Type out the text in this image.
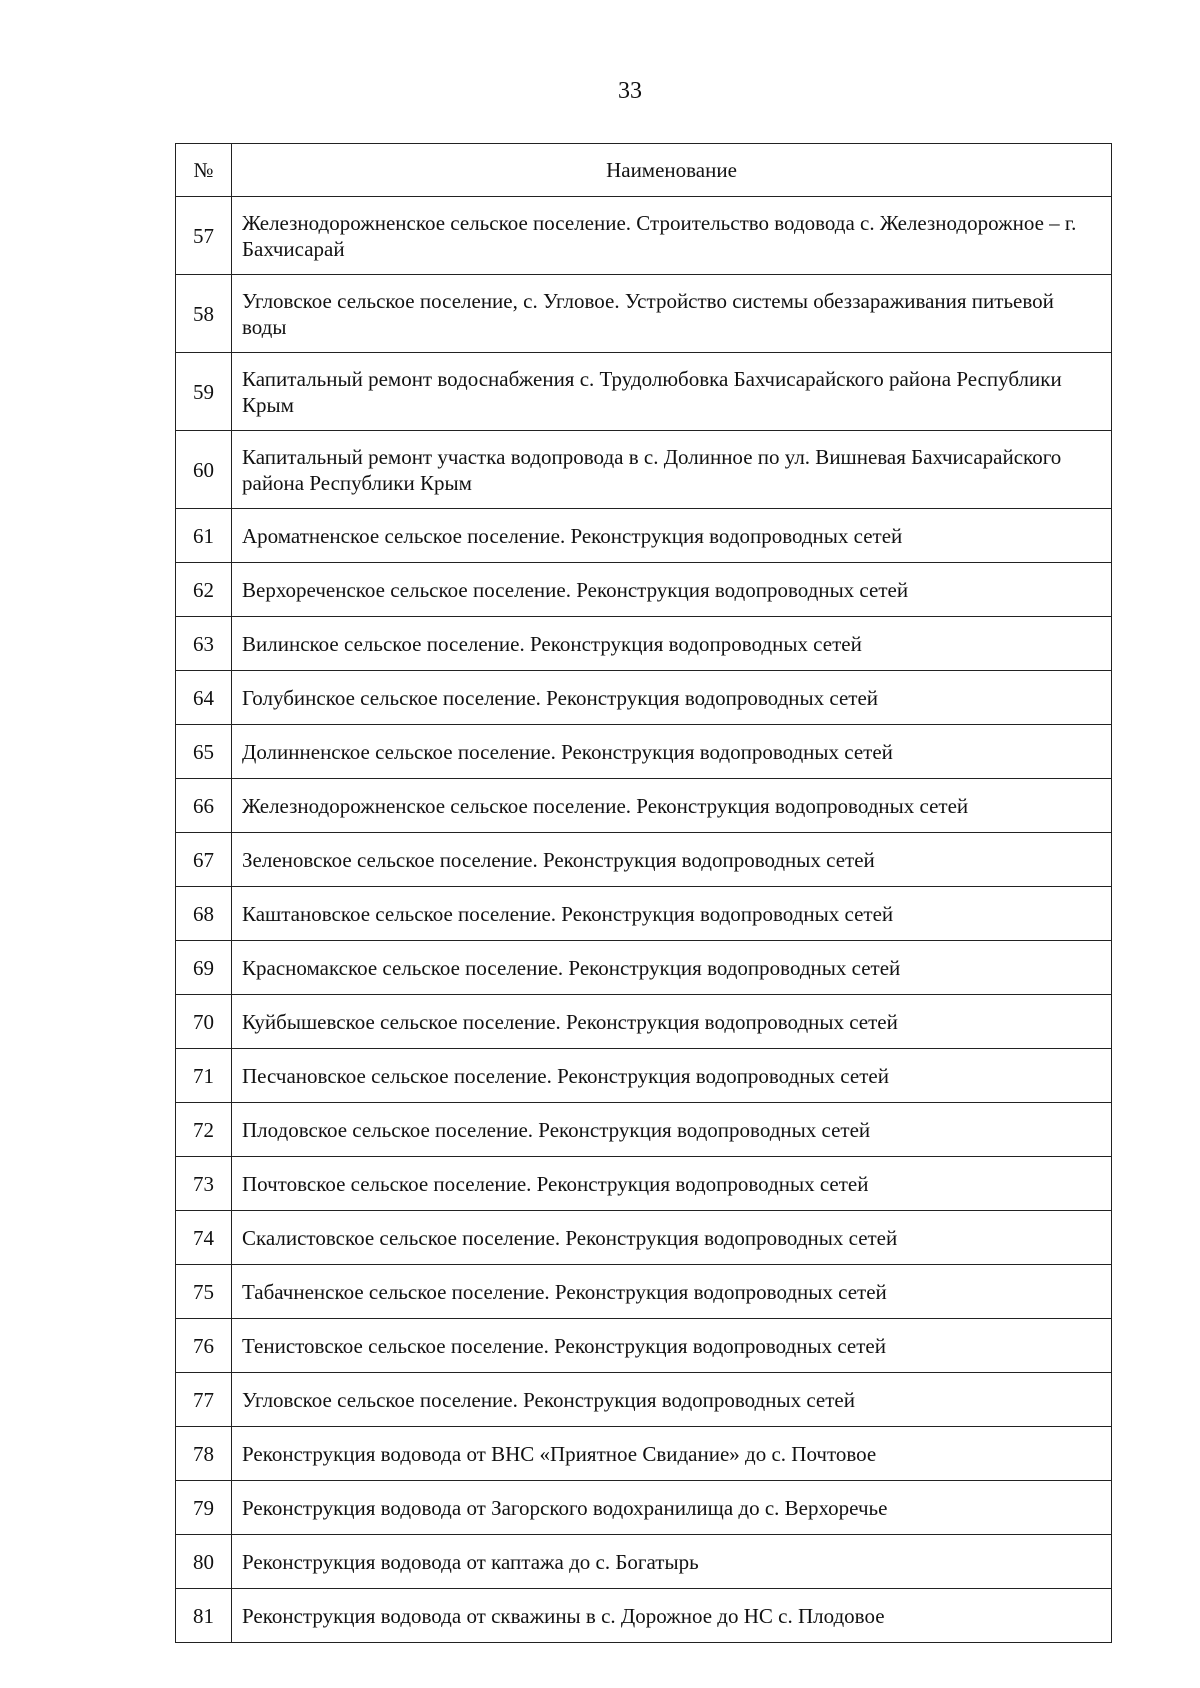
33
№	Наименование
57	Железнодорожненское сельское поселение. Строительство водовода с. Железнодорожное – г. Бахчисарай
58	Угловское сельское поселение, с. Угловое. Устройство системы обеззараживания питьевой воды
59	Капитальный ремонт водоснабжения с. Трудолюбовка Бахчисарайского района Республики Крым
60	Капитальный ремонт участка водопровода в с. Долинное по ул. Вишневая Бахчисарайского района Республики Крым
61	Ароматненское сельское поселение. Реконструкция водопроводных сетей
62	Верхореченское сельское поселение. Реконструкция водопроводных сетей
63	Вилинское сельское поселение. Реконструкция водопроводных сетей
64	Голубинское сельское поселение. Реконструкция водопроводных сетей
65	Долинненское сельское поселение. Реконструкция водопроводных сетей
66	Железнодорожненское сельское поселение. Реконструкция водопроводных сетей
67	Зеленовское сельское поселение. Реконструкция водопроводных сетей
68	Каштановское сельское поселение. Реконструкция водопроводных сетей
69	Красномакское сельское поселение. Реконструкция водопроводных сетей
70	Куйбышевское сельское поселение. Реконструкция водопроводных сетей
71	Песчановское сельское поселение. Реконструкция водопроводных сетей
72	Плодовское сельское поселение. Реконструкция водопроводных сетей
73	Почтовское сельское поселение. Реконструкция водопроводных сетей
74	Скалистовское сельское поселение. Реконструкция водопроводных сетей
75	Табачненское сельское поселение. Реконструкция водопроводных сетей
76	Тенистовское сельское поселение. Реконструкция водопроводных сетей
77	Угловское сельское поселение. Реконструкция водопроводных сетей
78	Реконструкция водовода от ВНС «Приятное Свидание» до с. Почтовое
79	Реконструкция водовода от Загорского водохранилища до с. Верхоречье
80	Реконструкция водовода от каптажа до с. Богатырь
81	Реконструкция водовода от скважины в с. Дорожное до НС с. Плодовое
